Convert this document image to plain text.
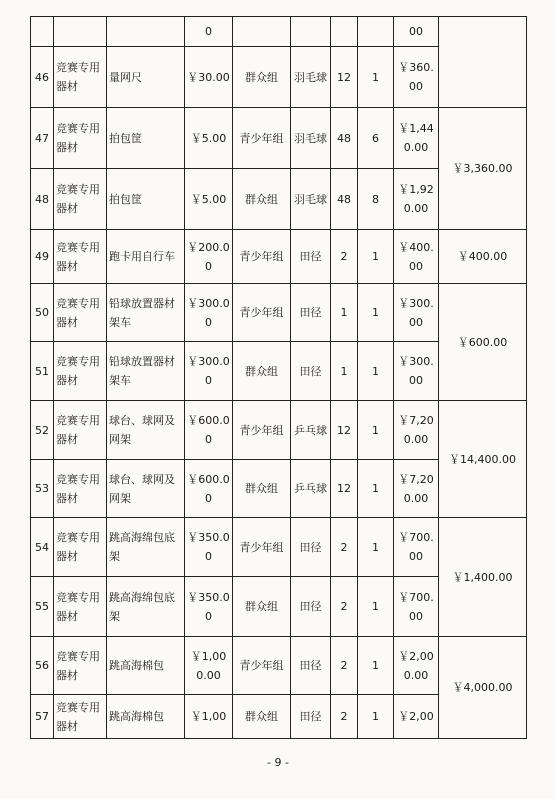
			0					00	
46	竞赛专用器材	量网尺	￥30.00	群众组	羽毛球	12	1	￥360.00	
47	竞赛专用器材	拍包筐	￥5.00	青少年组	羽毛球	48	6	￥1,440.00	￥3,360.00
48	竞赛专用器材	拍包筐	￥5.00	群众组	羽毛球	48	8	￥1,920.00	
49	竞赛专用器材	跑卡用自行车	￥200.00	青少年组	田径	2	1	￥400.00	￥400.00
50	竞赛专用器材	铅球放置器材架车	￥300.00	青少年组	田径	1	1	￥300.00	￥600.00
51	竞赛专用器材	铅球放置器材架车	￥300.00	群众组	田径	1	1	￥300.00	
52	竞赛专用器材	球台、球网及网架	￥600.00	青少年组	乒乓球	12	1	￥7,200.00	￥14,400.00
53	竞赛专用器材	球台、球网及网架	￥600.00	群众组	乒乓球	12	1	￥7,200.00	
54	竞赛专用器材	跳高海绵包底架	￥350.00	青少年组	田径	2	1	￥700.00	￥1,400.00
55	竞赛专用器材	跳高海绵包底架	￥350.00	群众组	田径	2	1	￥700.00	
56	竞赛专用器材	跳高海棉包	￥1,000.00	青少年组	田径	2	1	￥2,000.00	￥4,000.00
57	竞赛专用器材	跳高海棉包	￥1,00	群众组	田径	2	1	￥2,00	
- 9 -
